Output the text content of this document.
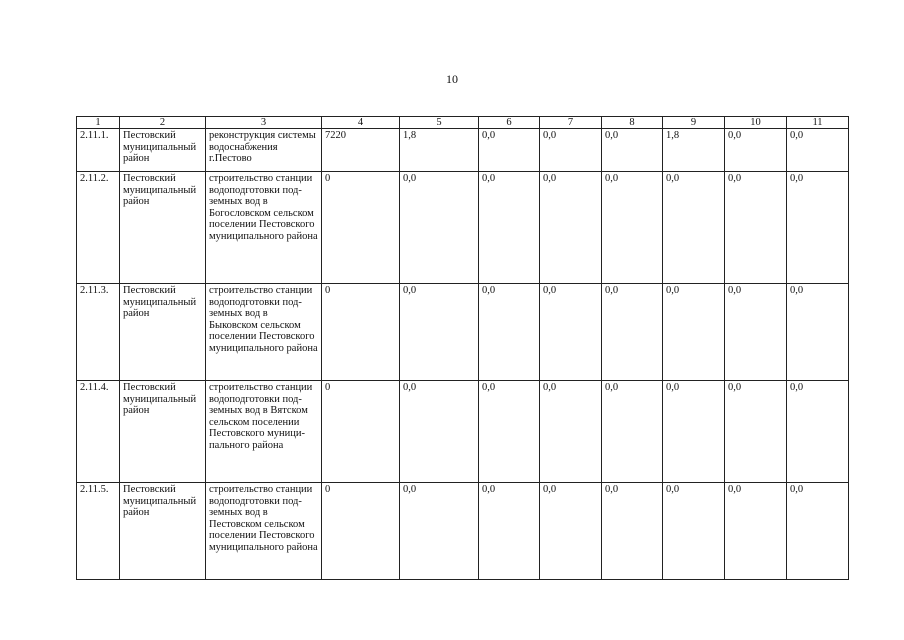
10
1	2	3	4	5	6	7	8	9	10	11
2.11.1.	Пестовский муниципальный район	реконструкция системы водоснабжения г.Пестово	7220	1,8	0,0	0,0	0,0	1,8	0,0	0,0
2.11.2.	Пестовский муниципальный район	строительство станции водоподготовки подземных вод в Богословском сельском поселении Пестовского муниципального района	0	0,0	0,0	0,0	0,0	0,0	0,0	0,0
2.11.3.	Пестовский муниципальный район	строительство станции водоподготовки подземных вод в Быковском сельском поселении Пестовского муниципального района	0	0,0	0,0	0,0	0,0	0,0	0,0	0,0
2.11.4.	Пестовский муниципальный район	строительство станции водоподготовки подземных вод в Вятском сельском поселении Пестовского муниципального района	0	0,0	0,0	0,0	0,0	0,0	0,0	0,0
2.11.5.	Пестовский муниципальный район	строительство станции водоподготовки подземных вод в Пестовском сельском поселении Пестовского муниципального района	0	0,0	0,0	0,0	0,0	0,0	0,0	0,0
